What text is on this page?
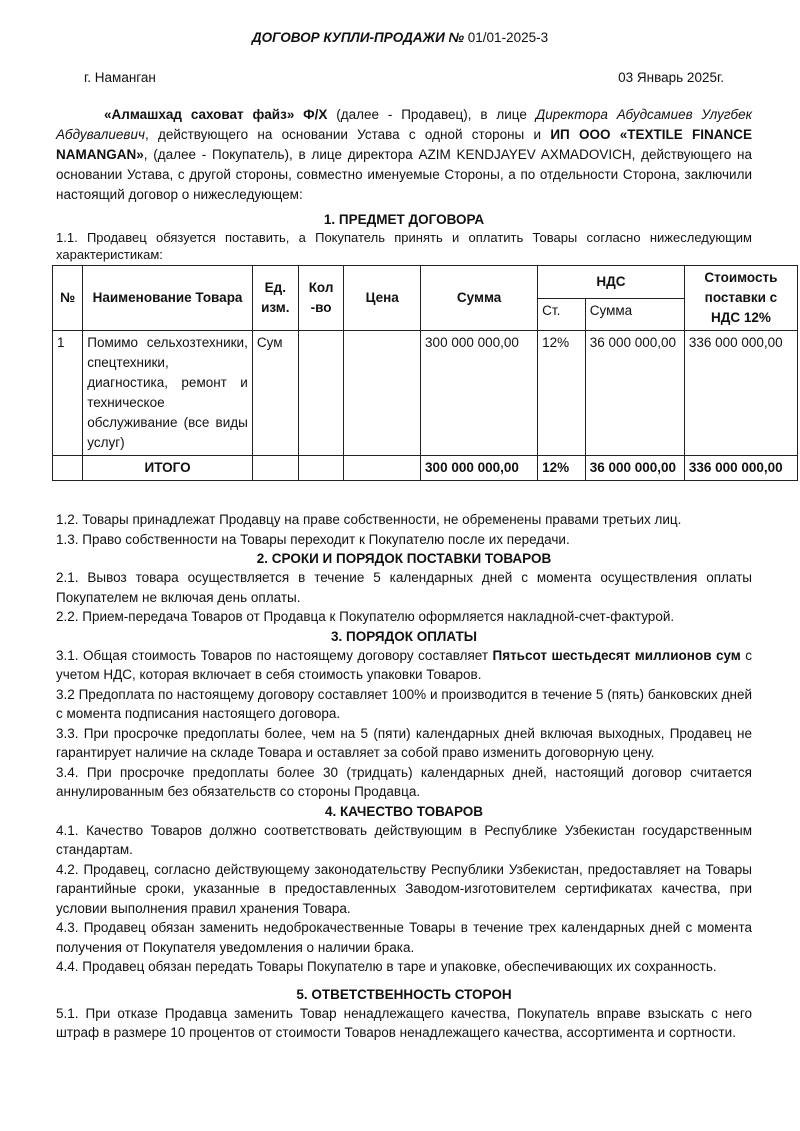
ДОГОВОР КУПЛИ-ПРОДАЖИ № 01/01-2025-3
г. Наманган	03 Январь 2025г.
«Алмашхад саховат файз» Ф/Х (далее - Продавец), в лице Директора Абудсамиев Улугбек Абдувалиевич, действующего на основании Устава с одной стороны и ИП ООО «TEXTILE FINANCE NAMANGAN», (далее - Покупатель), в лице директора AZIM KENDJAYEV AXMADOVICH, действующего на основании Устава, с другой стороны, совместно именуемые Стороны, а по отдельности Сторона, заключили настоящий договор о нижеследующем:
1. ПРЕДМЕТ ДОГОВОРА

1.1. Продавец обязуется поставить, а Покупатель принять и оплатить Товары согласно нижеследующим характеристикам:

№	Наименование Товара	Ед. изм.	Кол -во	Цена	Сумма	НДС		Стоимость поставки с НДС 12%
						Ст.	Сумма	
1	Помимо сельхозтехники, спецтехники, диагностика, ремонт и техническое обслуживание (все виды услуг)	Сум			300 000 000,00	12%	36 000 000,00	336 000 000,00
	ИТОГО				300 000 000,00	12%	36 000 000,00	336 000 000,00

1.2. Товары принадлежат Продавцу на праве собственности, не обременены правами третьих лиц.

1.3. Право собственности на Товары переходит к Покупателю после их передачи.

2. СРОКИ И ПОРЯДОК ПОСТАВКИ ТОВАРОВ

2.1. Вывоз товара осуществляется в течение 5 календарных дней с момента осуществления оплаты Покупателем не включая день оплаты.

2.2. Прием-передача Товаров от Продавца к Покупателю оформляется накладной-счет-фактурой.

3. ПОРЯДОК ОПЛАТЫ

3.1. Общая стоимость Товаров по настоящему договору составляет Пятьсот шестьдесят миллионов сум с учетом НДС, которая включает в себя стоимость упаковки Товаров.

3.2 Предоплата по настоящему договору составляет 100% и производится в течение 5 (пять) банковских дней с момента подписания настоящего договора.

3.3. При просрочке предоплаты более, чем на 5 (пяти) календарных дней включая выходных, Продавец не гарантирует наличие на складе Товара и оставляет за собой право изменить договорную цену.

3.4. При просрочке предоплаты более 30 (тридцать) календарных дней, настоящий договор считается аннулированным без обязательств со стороны Продавца.

4. КАЧЕСТВО ТОВАРОВ

4.1. Качество Товаров должно соответствовать действующим в Республике Узбекистан государственным стандартам.

4.2. Продавец, согласно действующему законодательству Республики Узбекистан, предоставляет на Товары гарантийные сроки, указанные в предоставленных Заводом-изготовителем сертификатах качества, при условии выполнения правил хранения Товара.

4.3. Продавец обязан заменить недоброкачественные Товары в течение трех календарных дней с момента получения от Покупателя уведомления о наличии брака.

4.4. Продавец обязан передать Товары Покупателю в таре и упаковке, обеспечивающих их сохранность.

5. ОТВЕТСТВЕННОСТЬ СТОРОН

5.1. При отказе Продавца заменить Товар ненадлежащего качества, Покупатель вправе взыскать с него штраф в размере 10 процентов от стоимости Товаров ненадлежащего качества, ассортимента и сортности.
